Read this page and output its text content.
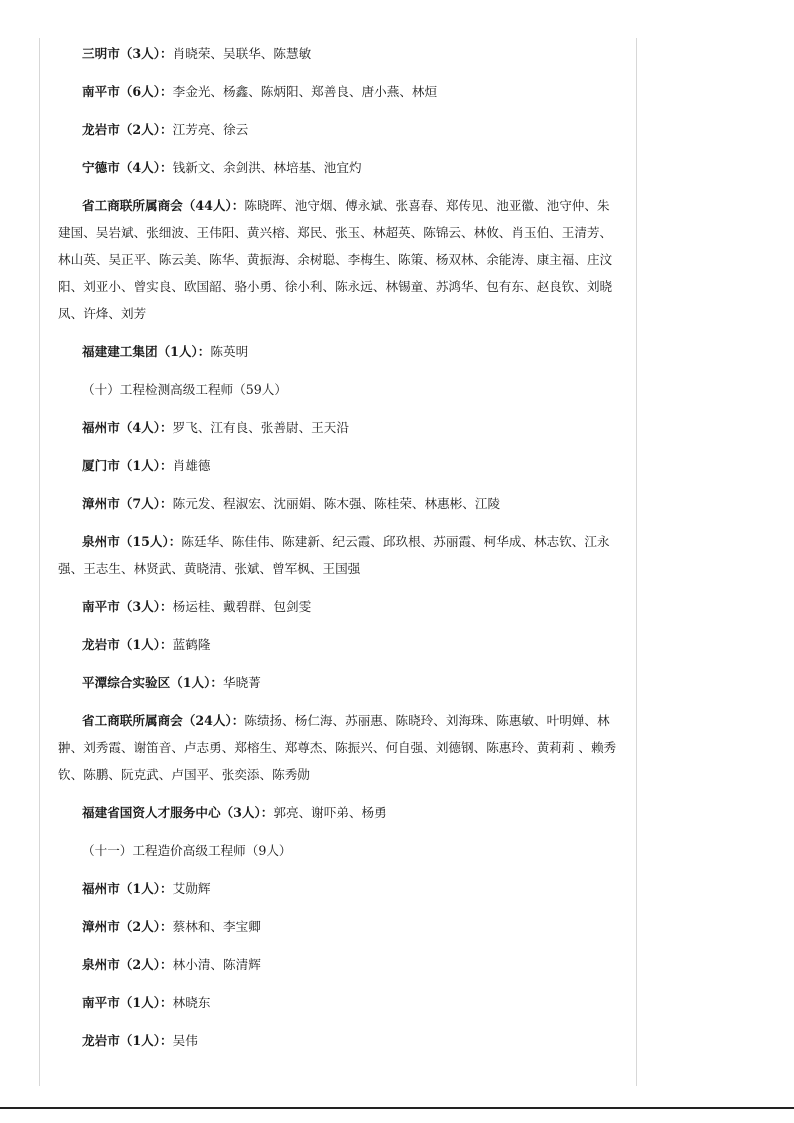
三明市（3人）：肖晓荣、吴联华、陈慧敏

南平市（6人）：李金光、杨鑫、陈炳阳、郑善良、唐小燕、林烜

龙岩市（2人）：江芳亮、徐云

宁德市（4人）：钱新文、余剑洪、林培基、池宜灼

省工商联所属商会（44人）：陈晓晖、池守烟、傅永斌、张喜春、郑传见、池亚徽、池守仲、朱建国、吴岩斌、张细波、王伟阳、黄兴榕、郑民、张玉、林超英、陈锦云、林攸、肖玉伯、王清芳、林山英、吴正平、陈云美、陈华、黄振海、余树聪、李梅生、陈策、杨双林、余能涛、康主福、庄汶阳、刘亚小、曾实良、欧国韶、骆小勇、徐小利、陈永远、林锡童、苏鸿华、包有东、赵良钦、刘晓凤、许烽、刘芳

福建建工集团（1人）：陈英明

（十）工程检测高级工程师（59人）

福州市（4人）：罗飞、江有良、张善尉、王天沿

厦门市（1人）：肖雄德

漳州市（7人）：陈元发、程淑宏、沈丽娟、陈木强、陈桂荣、林惠彬、江陵

泉州市（15人）：陈廷华、陈佳伟、陈建新、纪云霞、邱玖根、苏丽霞、柯华成、林志钦、江永强、王志生、林贤武、黄晓清、张斌、曾军枫、王国强

南平市（3人）：杨运桂、戴碧群、包剑雯

龙岩市（1人）：蓝鹤隆

平潭综合实验区（1人）：华晓菁

省工商联所属商会（24人）：陈绩扬、杨仁海、苏丽惠、陈晓玲、刘海珠、陈惠敏、叶明婵、林翀、刘秀霞、谢笛音、卢志勇、郑榕生、郑尊杰、陈振兴、何自强、刘德钢、陈惠玲、黄莉莉 、赖秀钦、陈鹏、阮克武、卢国平、张奕添、陈秀勋

福建省国资人才服务中心（3人）：郭亮、谢吓弟、杨勇

（十一）工程造价高级工程师（9人）

福州市（1人）：艾勋辉

漳州市（2人）：蔡林和、李宝卿

泉州市（2人）：林小清、陈清辉

南平市（1人）：林晓东

龙岩市（1人）：吴伟
